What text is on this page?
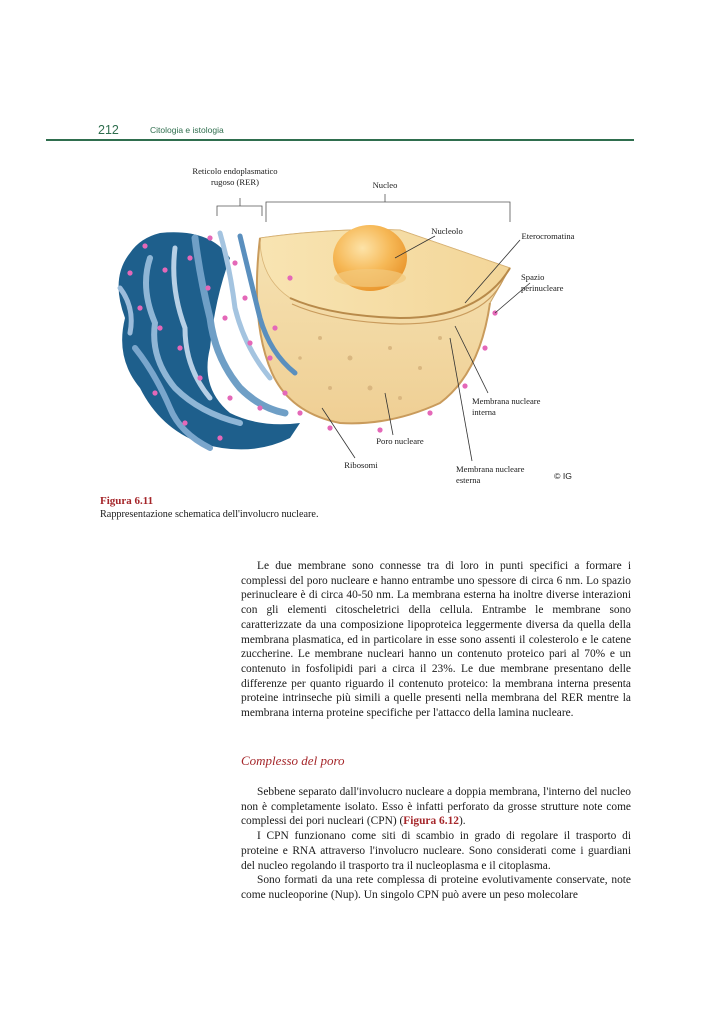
212	Citologia e istologia
Reticolo endoplasmatico rugoso (RER)	Nucleo
Nucleolo	Eterocromatina
Spazio perinucleare
Membrana nucleare interna
Poro nucleare
Ribosomi	Membrana nucleare esterna	© IG
Figura 6.11
Rappresentazione schematica dell'involucro nucleare.

Le due membrane sono connesse tra di loro in punti specifici a formare i complessi del poro nucleare e hanno entrambe uno spessore di circa 6 nm. Lo spazio perinucleare è di circa 40-50 nm. La membrana esterna ha inoltre diverse interazioni con gli elementi citoscheletrici della cellula. Entrambe le membrane sono caratterizzate da una composizione lipoproteica leggermente diversa da quella della membrana plasmatica, ed in particolare in esse sono assenti il colesterolo e le catene zuccherine. Le membrane nucleari hanno un contenuto proteico pari al 70% e un contenuto in fosfolipidi pari a circa il 23%. Le due membrane presentano delle differenze per quanto riguardo il contenuto proteico: la membrana interna presenta proteine intrinseche più simili a quelle presenti nella membrana del RER mentre la membrana interna proteine specifiche per l'attacco della lamina nucleare.

Complesso del poro

Sebbene separato dall'involucro nucleare a doppia membrana, l'interno del nucleo non è completamente isolato. Esso è infatti perforato da grosse strutture note come complessi dei pori nucleari (CPN) (Figura 6.12).

I CPN funzionano come siti di scambio in grado di regolare il trasporto di proteine e RNA attraverso l'involucro nucleare. Sono considerati come i guardiani del nucleo regolando il trasporto tra il nucleoplasma e il citoplasma.

Sono formati da una rete complessa di proteine evolutivamente conservate, note come nucleoporine (Nup). Un singolo CPN può avere un peso molecolare
